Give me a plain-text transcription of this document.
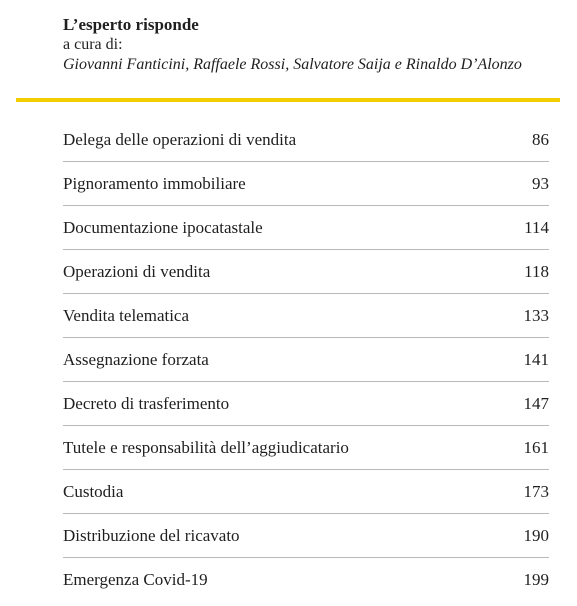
L’esperto risponde
a cura di:
Giovanni Fanticini, Raffaele Rossi, Salvatore Saija e Rinaldo D’Alonzo
Delega delle operazioni di vendita	86
Pignoramento immobiliare	93
Documentazione ipocatastale	114
Operazioni di vendita	118
Vendita telematica	133
Assegnazione forzata	141
Decreto di trasferimento	147
Tutele e responsabilità dell’aggiudicatario	161
Custodia	173
Distribuzione del ricavato	190
Emergenza Covid-19	199
